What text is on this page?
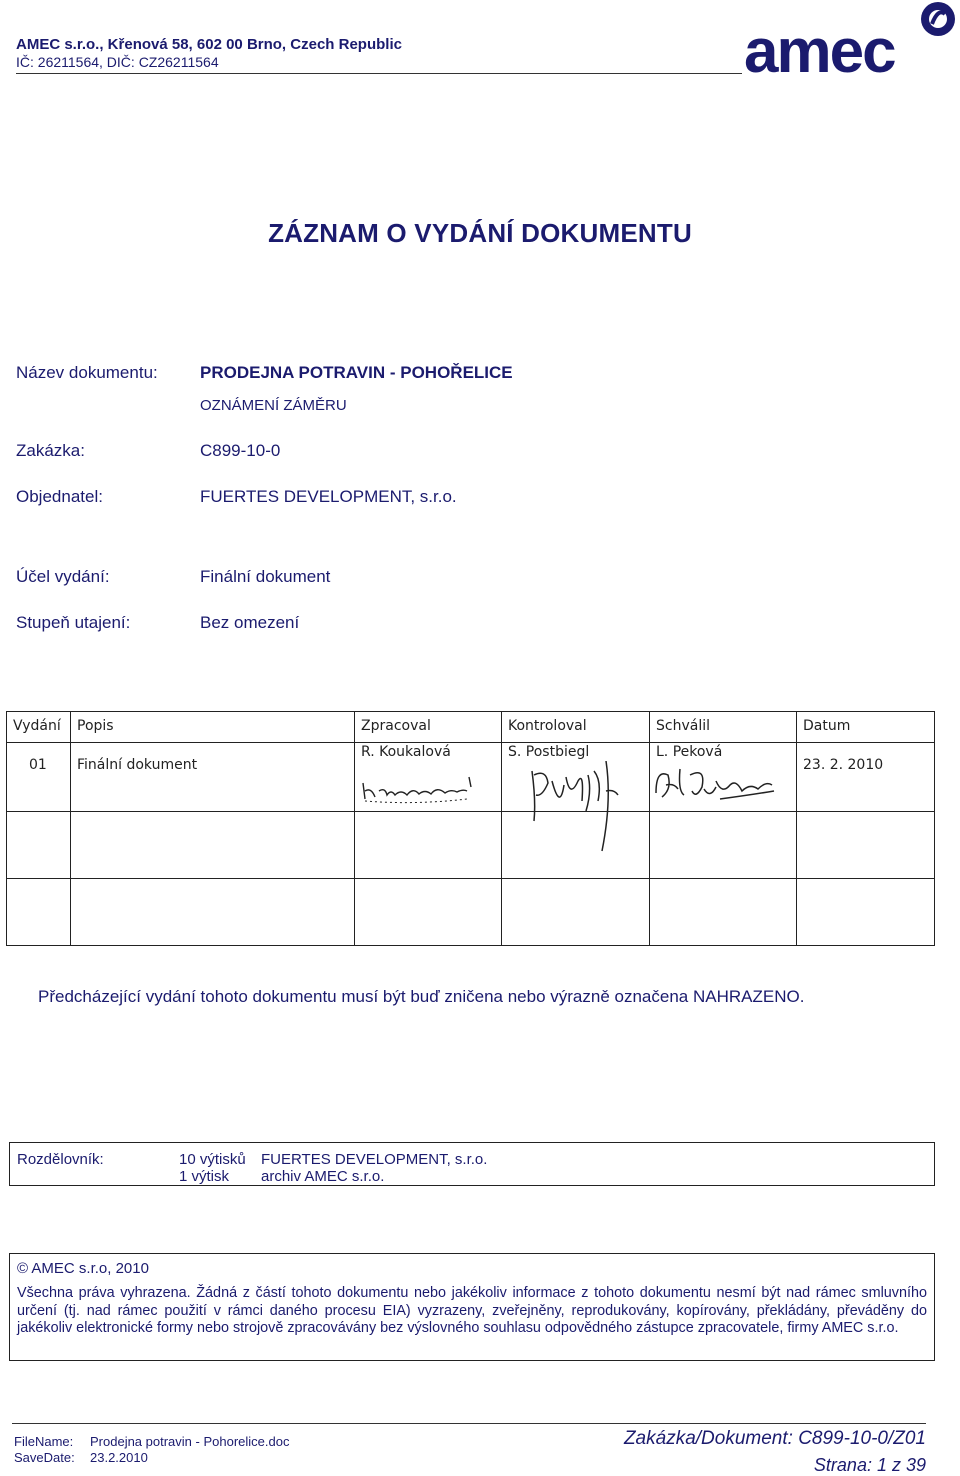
AMEC s.r.o., Křenová 58, 602 00 Brno, Czech Republic
IČ: 26211564, DIČ: CZ26211564	amec
ZÁZNAM O VYDÁNÍ DOKUMENTU
Název dokumentu: PRODEJNA POTRAVIN - POHOŘELICE
OZNÁMENÍ ZÁMĚRU
Zakázka:	C899-10-0
Objednatel:	FUERTES DEVELOPMENT, s.r.o.
Účel vydání:	Finální dokument
Stupeň utajení:	Bez omezení
Vydání	Popis	Zpracoval	Kontroloval	Schválil	Datum

01	Finální dokument	R. Koukalová	S. Postbiegl	L. Peková	23. 2. 2010

Předcházející vydání tohoto dokumentu musí být buď zničena nebo výrazně označena NAHRAZENO.
Rozdělovník:	10 výtisků FUERTES DEVELOPMENT, s.r.o.
1 výtisk archiv AMEC s.r.o.
© AMEC s.r.o, 2010
Všechna práva vyhrazena. Žádná z částí tohoto dokumentu nebo jakékoliv informace z tohoto dokumentu nesmí být nad rámec smluvního určení (tj. nad rámec použití v rámci daného procesu EIA) vyzrazeny, zveřejněny, reprodukovány, kopírovány, překládány, převáděny do jakékoliv elektronické formy nebo strojově zpracovávány bez výslovného souhlasu odpovědného zástupce zpracovatele, firmy AMEC s.r.o.
FileName: Prodejna potravin - Pohorelice.doc
SaveDate: 23.2.2010
Zakázka/Dokument: C899-10-0/Z01
Strana: 1 z 39
